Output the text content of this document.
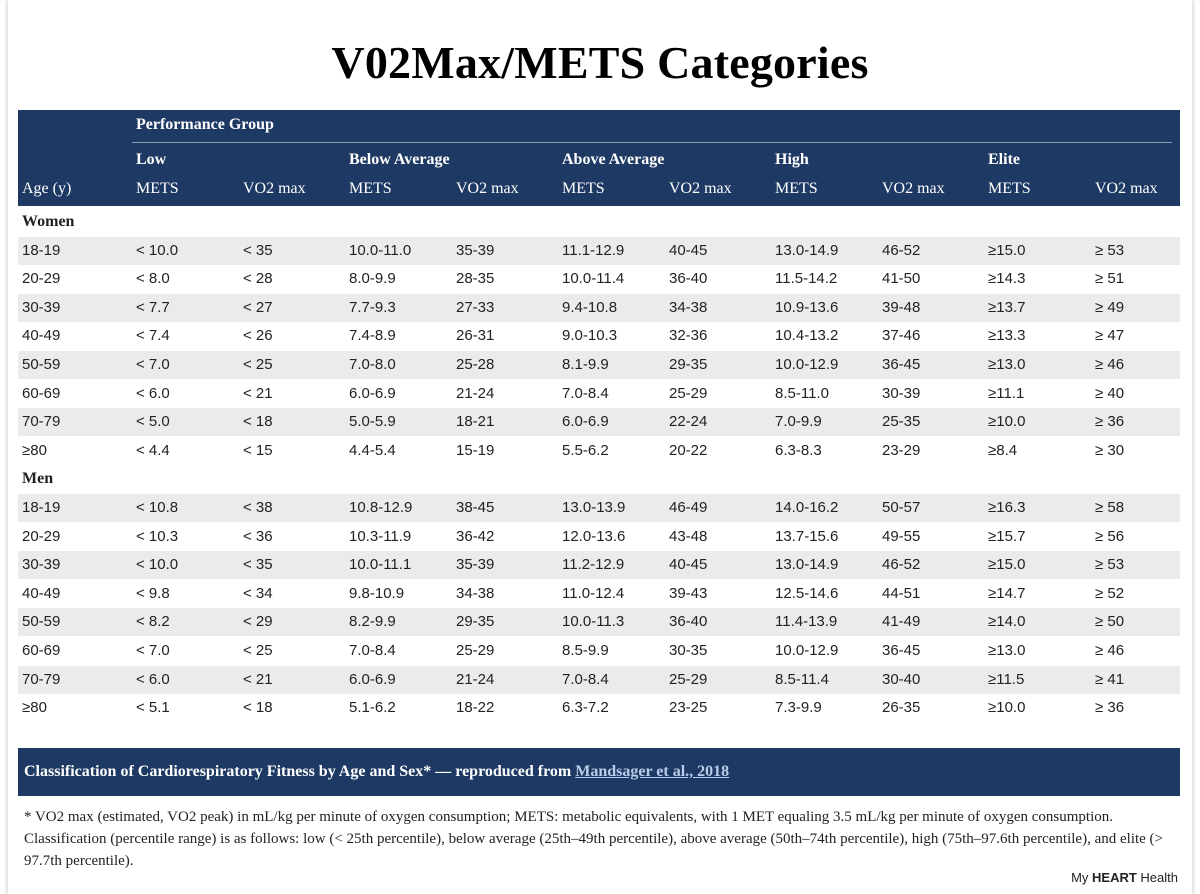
V02Max/METS Categories
Performance Group
Low	Below Average	Above Average	High	Elite
Age (y)	METS	VO2 max	METS	VO2 max	METS	VO2 max	METS	VO2 max	METS	VO2 max
Women
18-19	< 10.0	< 35	10.0-11.0	35-39	11.1-12.9	40-45	13.0-14.9	46-52	≥15.0	≥ 53
20-29	< 8.0	< 28	8.0-9.9	28-35	10.0-11.4	36-40	11.5-14.2	41-50	≥14.3	≥ 51
30-39	< 7.7	< 27	7.7-9.3	27-33	9.4-10.8	34-38	10.9-13.6	39-48	≥13.7	≥ 49
40-49	< 7.4	< 26	7.4-8.9	26-31	9.0-10.3	32-36	10.4-13.2	37-46	≥13.3	≥ 47
50-59	< 7.0	< 25	7.0-8.0	25-28	8.1-9.9	29-35	10.0-12.9	36-45	≥13.0	≥ 46
60-69	< 6.0	< 21	6.0-6.9	21-24	7.0-8.4	25-29	8.5-11.0	30-39	≥11.1	≥ 40
70-79	< 5.0	< 18	5.0-5.9	18-21	6.0-6.9	22-24	7.0-9.9	25-35	≥10.0	≥ 36
≥80	< 4.4	< 15	4.4-5.4	15-19	5.5-6.2	20-22	6.3-8.3	23-29	≥8.4	≥ 30
Men
18-19	< 10.8	< 38	10.8-12.9	38-45	13.0-13.9	46-49	14.0-16.2	50-57	≥16.3	≥ 58
20-29	< 10.3	< 36	10.3-11.9	36-42	12.0-13.6	43-48	13.7-15.6	49-55	≥15.7	≥ 56
30-39	< 10.0	< 35	10.0-11.1	35-39	11.2-12.9	40-45	13.0-14.9	46-52	≥15.0	≥ 53
40-49	< 9.8	< 34	9.8-10.9	34-38	11.0-12.4	39-43	12.5-14.6	44-51	≥14.7	≥ 52
50-59	< 8.2	< 29	8.2-9.9	29-35	10.0-11.3	36-40	11.4-13.9	41-49	≥14.0	≥ 50
60-69	< 7.0	< 25	7.0-8.4	25-29	8.5-9.9	30-35	10.0-12.9	36-45	≥13.0	≥ 46
70-79	< 6.0	< 21	6.0-6.9	21-24	7.0-8.4	25-29	8.5-11.4	30-40	≥11.5	≥ 41
≥80	< 5.1	< 18	5.1-6.2	18-22	6.3-7.2	23-25	7.3-9.9	26-35	≥10.0	≥ 36
Classification of Cardiorespiratory Fitness by Age and Sex* — reproduced from Mandsager et al., 2018
* VO2 max (estimated, VO2 peak) in mL/kg per minute of oxygen consumption; METS: metabolic equivalents, with 1 MET equaling 3.5 mL/kg per minute of oxygen consumption. Classification (percentile range) is as follows: low (< 25th percentile), below average (25th–49th percentile), above average (50th–74th percentile), high (75th–97.6th percentile), and elite (> 97.7th percentile).
My HEART Health
